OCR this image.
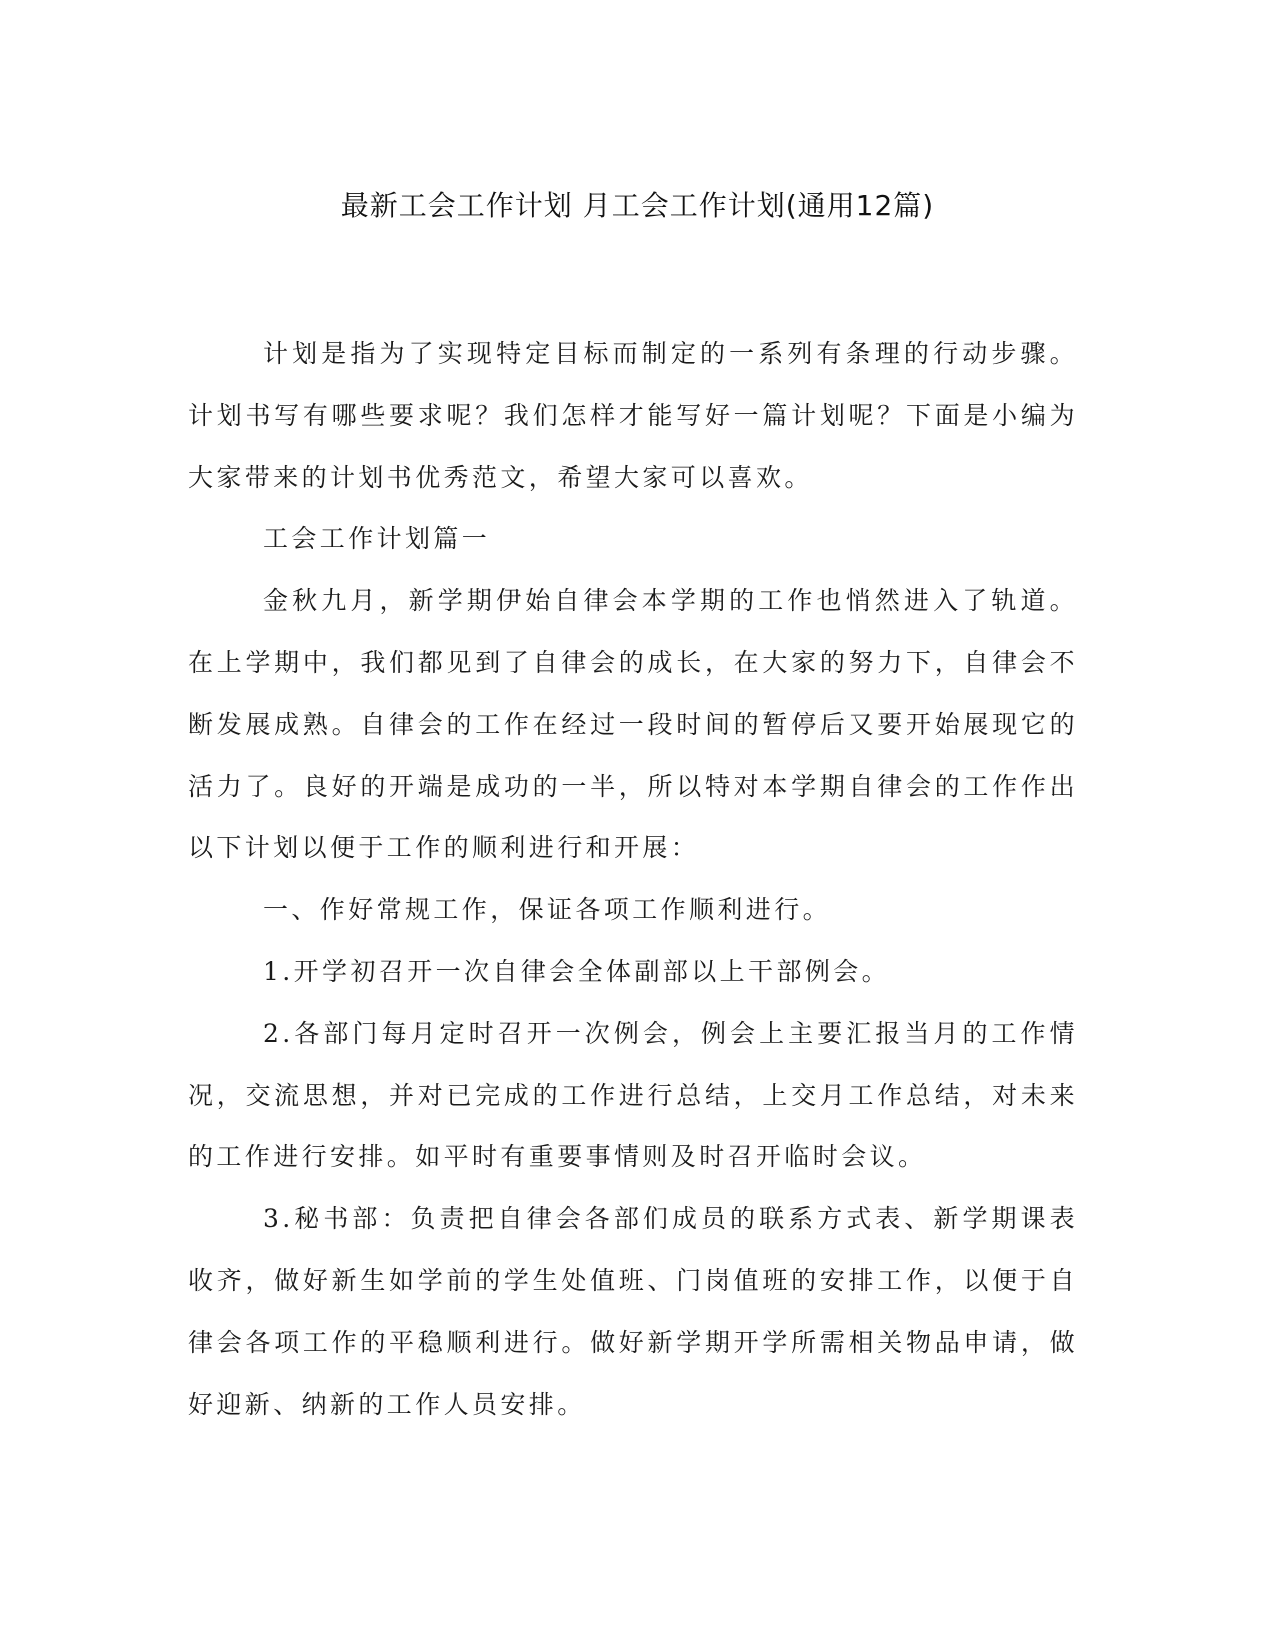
最新工会工作计划 月工会工作计划(通用12篇)

计划是指为了实现特定目标而制定的一系列有条理的行动步骤。计划书写有哪些要求呢？我们怎样才能写好一篇计划呢？下面是小编为大家带来的计划书优秀范文，希望大家可以喜欢。

工会工作计划篇一

金秋九月，新学期伊始自律会本学期的工作也悄然进入了轨道。在上学期中，我们都见到了自律会的成长，在大家的努力下，自律会不断发展成熟。自律会的工作在经过一段时间的暂停后又要开始展现它的活力了。良好的开端是成功的一半，所以特对本学期自律会的工作作出以下计划以便于工作的顺利进行和开展：

一、作好常规工作，保证各项工作顺利进行。

1.开学初召开一次自律会全体副部以上干部例会。

2.各部门每月定时召开一次例会，例会上主要汇报当月的工作情况，交流思想，并对已完成的工作进行总结，上交月工作总结，对未来的工作进行安排。如平时有重要事情则及时召开临时会议。

3.秘书部：负责把自律会各部们成员的联系方式表、新学期课表收齐，做好新生如学前的学生处值班、门岗值班的安排工作，以便于自律会各项工作的平稳顺利进行。做好新学期开学所需相关物品申请，做好迎新、纳新的工作人员安排。
